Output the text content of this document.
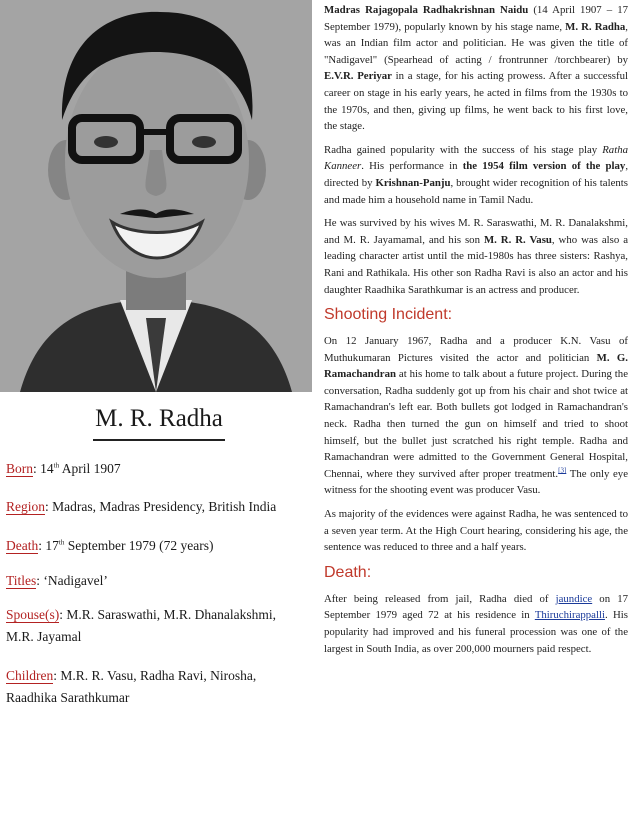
M. R. Radha
Born: 14th April 1907
Region: Madras, Madras Presidency, British India
Death: 17th September 1979 (72 years)
Titles: ‘Nadigavel’
Spouse(s): M.R. Saraswathi, M.R. Dhanalakshmi, M.R. Jayamal
Children: M.R. R. Vasu, Radha Ravi, Nirosha, Raadhika Sarathkumar

Madras Rajagopala Radhakrishnan Naidu (14 April 1907 – 17 September 1979), popularly known by his stage name, M. R. Radha, was an Indian film actor and politician. He was given the title of "Nadigavel" (Spearhead of acting / frontrunner /torchbearer) by E.V.R. Periyar in a stage, for his acting prowess. After a successful career on stage in his early years, he acted in films from the 1930s to the 1970s, and then, giving up films, he went back to his first love, the stage.

Radha gained popularity with the success of his stage play Ratha Kanneer. His performance in the 1954 film version of the play, directed by Krishnan-Panju, brought wider recognition of his talents and made him a household name in Tamil Nadu.

He was survived by his wives M. R. Saraswathi, M. R. Danalakshmi, and M. R. Jayamamal, and his son M. R. R. Vasu, who was also a leading character artist until the mid-1980s has three sisters: Rashya, Rani and Rathikala. His other son Radha Ravi is also an actor and his daughter Raadhika Sarathkumar is an actress and producer.

Shooting Incident:

On 12 January 1967, Radha and a producer K.N. Vasu of Muthukumaran Pictures visited the actor and politician M. G. Ramachandran at his home to talk about a future project. During the conversation, Radha suddenly got up from his chair and shot twice at Ramachandran's left ear. Both bullets got lodged in Ramachandran's neck. Radha then turned the gun on himself and tried to shoot himself, but the bullet just scratched his right temple. Radha and Ramachandran were admitted to the Government General Hospital, Chennai, where they survived after proper treatment.[3] The only eye witness for the shooting event was producer Vasu.

As majority of the evidences were against Radha, he was sentenced to a seven year term. At the High Court hearing, considering his age, the sentence was reduced to three and a half years.

Death:

After being released from jail, Radha died of jaundice on 17 September 1979 aged 72 at his residence in Thiruchirappalli. His popularity had improved and his funeral procession was one of the largest in South India, as over 200,000 mourners paid respect.
